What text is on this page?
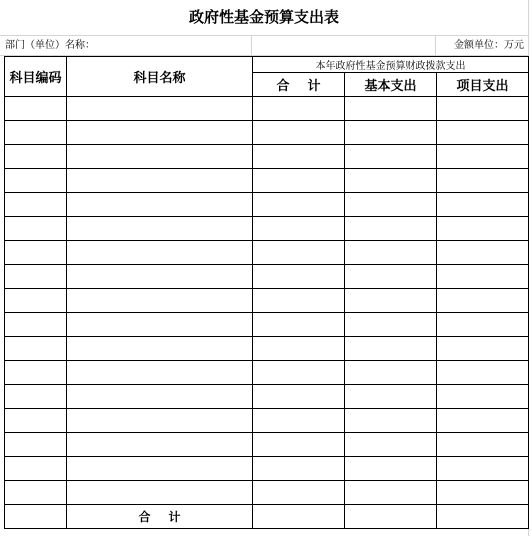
政府性基金预算支出表
部门（单位）名称：	金额单位：万元
科目编码	科目名称	本年政府性基金预算财政拨款支出		
		合计	基本支出	项目支出

	合计			
